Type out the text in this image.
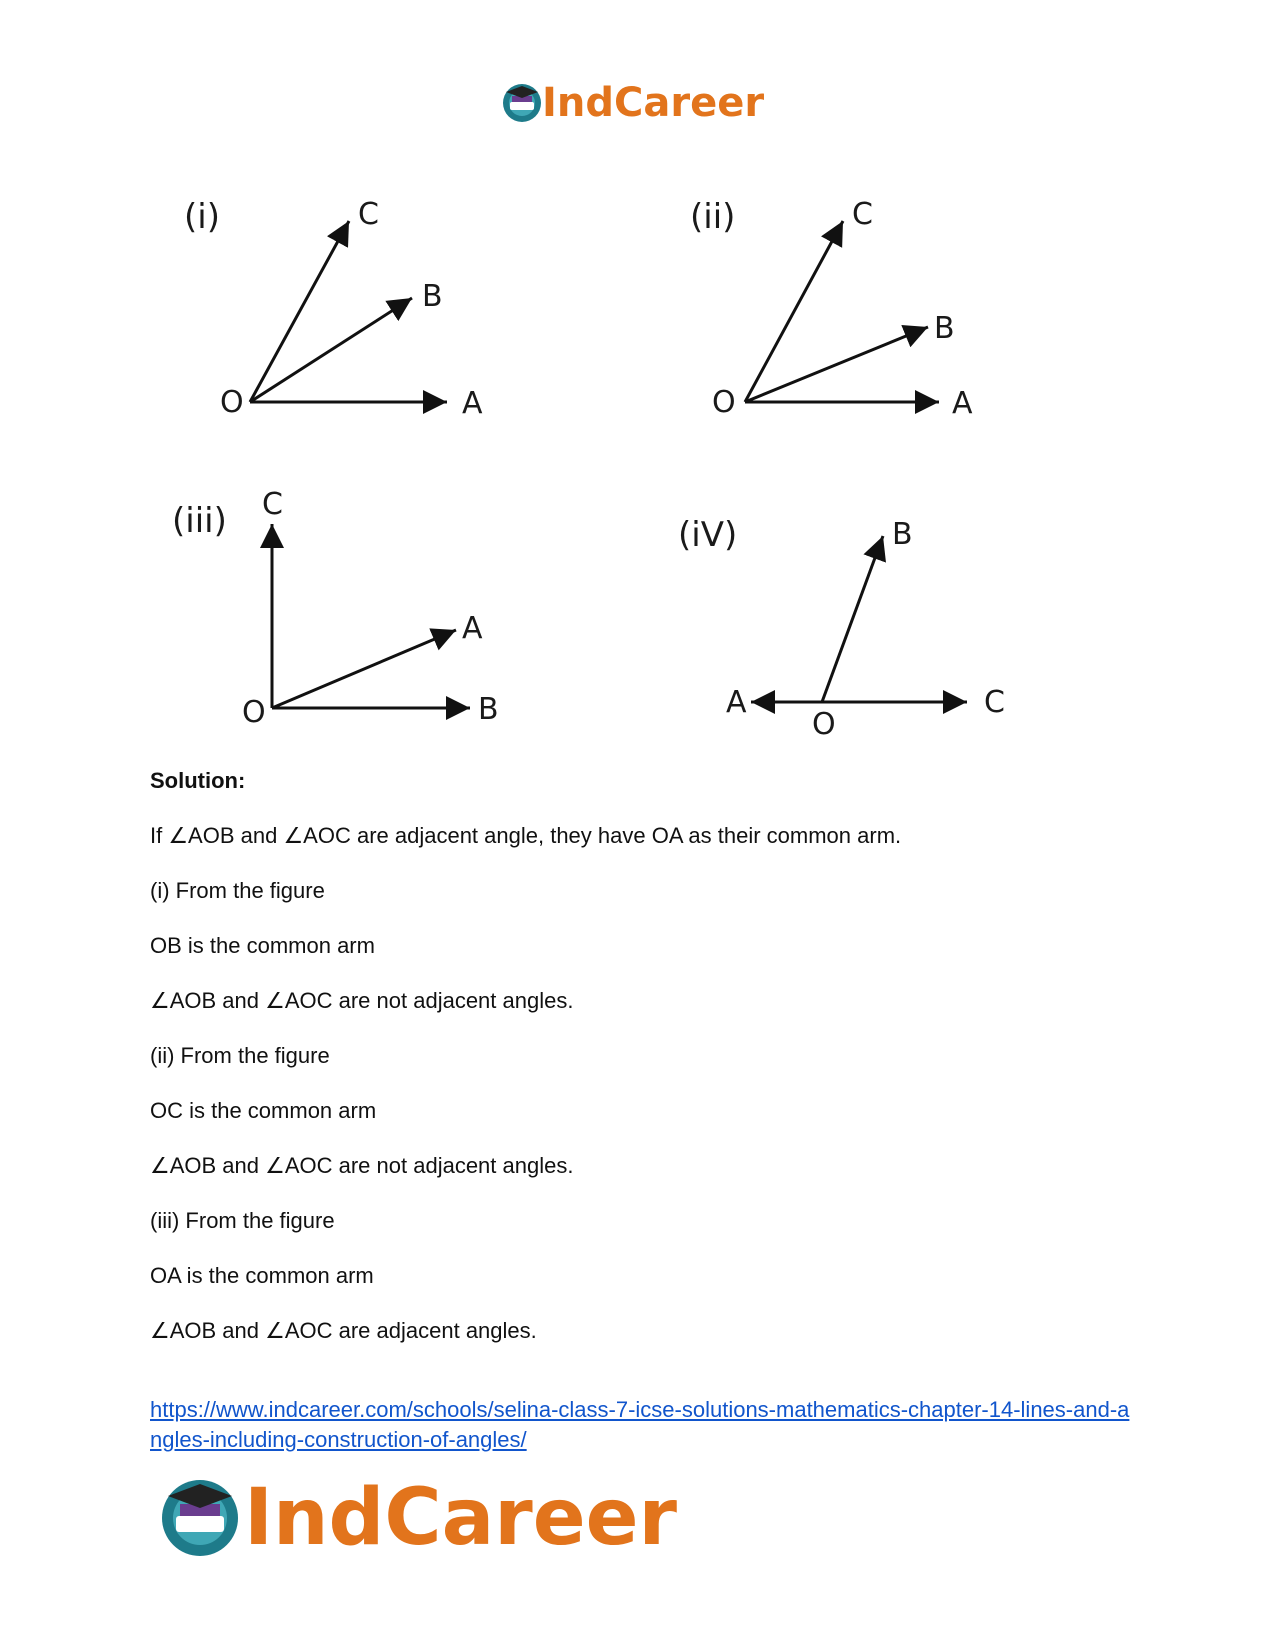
IndCareer
(i)
O	A
B
C	(ii)
O	A
B
C
(iii)
O	B
A
C
(iV)
A
O
B
C

Solution:

If ∠AOB and ∠AOC are adjacent angle, they have OA as their common arm.

(i) From the figure

OB is the common arm

∠AOB and ∠AOC are not adjacent angles.

(ii) From the figure

OC is the common arm

∠AOB and ∠AOC are not adjacent angles.

(iii) From the figure

OA is the common arm

∠AOB and ∠AOC are adjacent angles.

https://www.indcareer.com/schools/selina-class-7-icse-solutions-mathematics-chapter-14-lines-and-angles-including-construction-of-angles/
IndCareer
